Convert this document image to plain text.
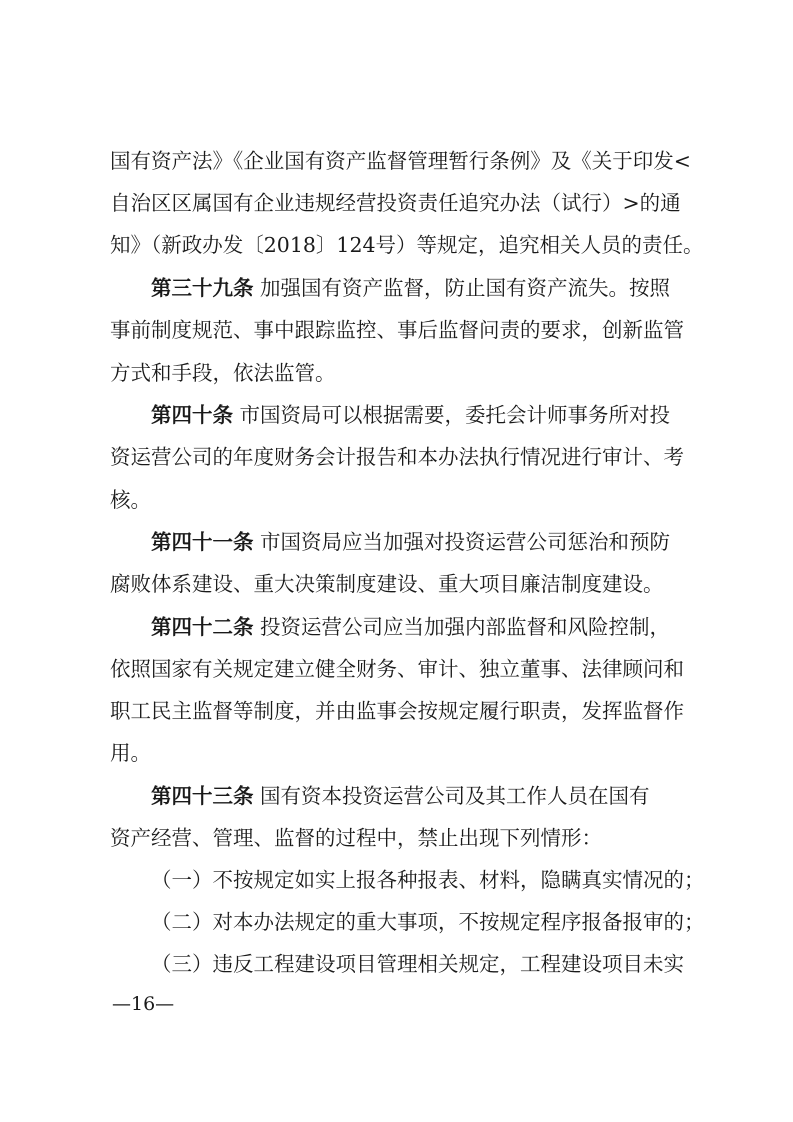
国有资产法》《企业国有资产监督管理暂行条例》及《关于印发<
自治区区属国有企业违规经营投资责任追究办法（试行）>的通
知》（新政办发〔2018〕124号）等规定，追究相关人员的责任。
第三十九条 加强国有资产监督，防止国有资产流失。按照
事前制度规范、事中跟踪监控、事后监督问责的要求，创新监管
方式和手段，依法监管。
第四十条 市国资局可以根据需要，委托会计师事务所对投
资运营公司的年度财务会计报告和本办法执行情况进行审计、考
核。
第四十一条 市国资局应当加强对投资运营公司惩治和预防
腐败体系建设、重大决策制度建设、重大项目廉洁制度建设。
第四十二条 投资运营公司应当加强内部监督和风险控制，
依照国家有关规定建立健全财务、审计、独立董事、法律顾问和
职工民主监督等制度，并由监事会按规定履行职责，发挥监督作
用。
第四十三条 国有资本投资运营公司及其工作人员在国有
资产经营、管理、监督的过程中，禁止出现下列情形：
（一）不按规定如实上报各种报表、材料，隐瞒真实情况的；
（二）对本办法规定的重大事项，不按规定程序报备报审的；
（三）违反工程建设项目管理相关规定，工程建设项目未实
—16—
